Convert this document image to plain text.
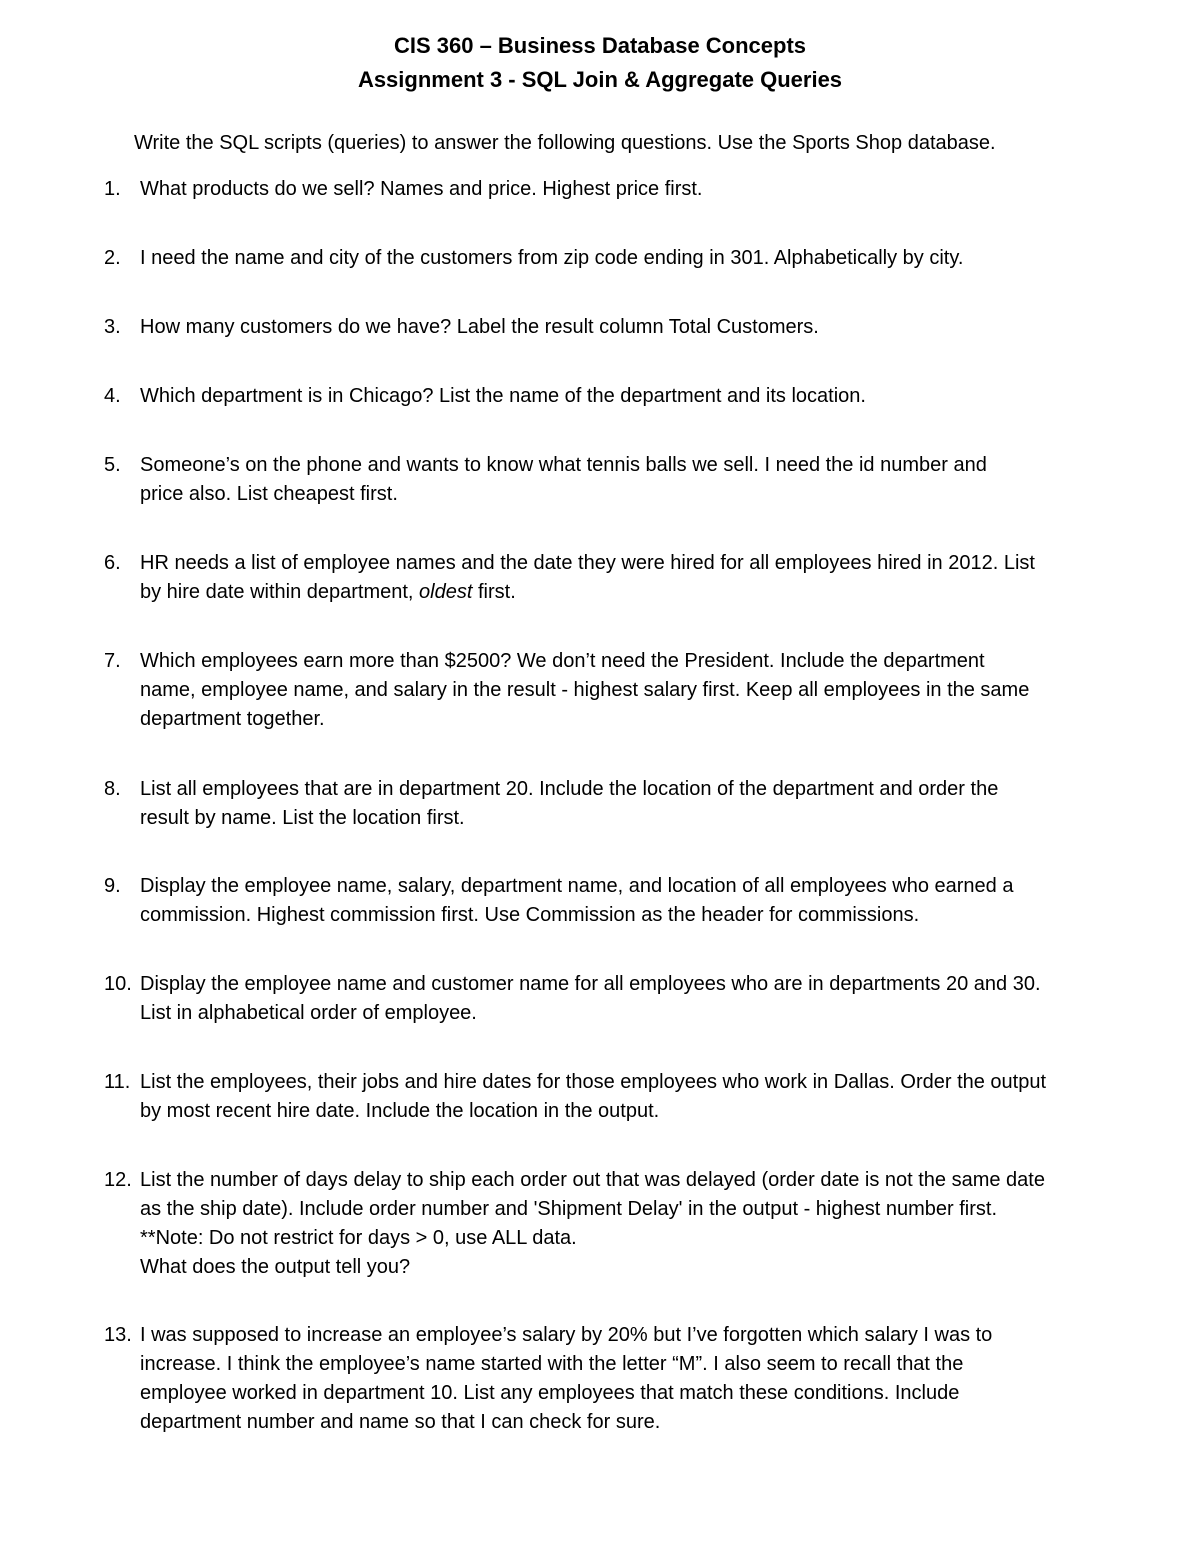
CIS 360 – Business Database Concepts
Assignment 3 - SQL Join & Aggregate Queries
Write the SQL scripts (queries) to answer the following questions. Use the Sports Shop database.
1. What products do we sell? Names and price. Highest price first.
2. I need the name and city of the customers from zip code ending in 301. Alphabetically by city.
3. How many customers do we have? Label the result column Total Customers.
4. Which department is in Chicago? List the name of the department and its location.
5. Someone’s on the phone and wants to know what tennis balls we sell. I need the id number and
price also. List cheapest first.
6. HR needs a list of employee names and the date they were hired for all employees hired in 2012. List
by hire date within department, oldest first.
7. Which employees earn more than $2500? We don’t need the President. Include the department
name, employee name, and salary in the result - highest salary first. Keep all employees in the same
department together.
8. List all employees that are in department 20. Include the location of the department and order the
result by name. List the location first.
9. Display the employee name, salary, department name, and location of all employees who earned a
commission. Highest commission first. Use Commission as the header for commissions.
10. Display the employee name and customer name for all employees who are in departments 20 and 30.
List in alphabetical order of employee.
11. List the employees, their jobs and hire dates for those employees who work in Dallas. Order the output
by most recent hire date. Include the location in the output.
12. List the number of days delay to ship each order out that was delayed (order date is not the same date
as the ship date). Include order number and 'Shipment Delay' in the output - highest number first.
**Note: Do not restrict for days > 0, use ALL data.
What does the output tell you?
13. I was supposed to increase an employee’s salary by 20% but I’ve forgotten which salary I was to
increase. I think the employee’s name started with the letter “M”. I also seem to recall that the
employee worked in department 10. List any employees that match these conditions. Include
department number and name so that I can check for sure.
